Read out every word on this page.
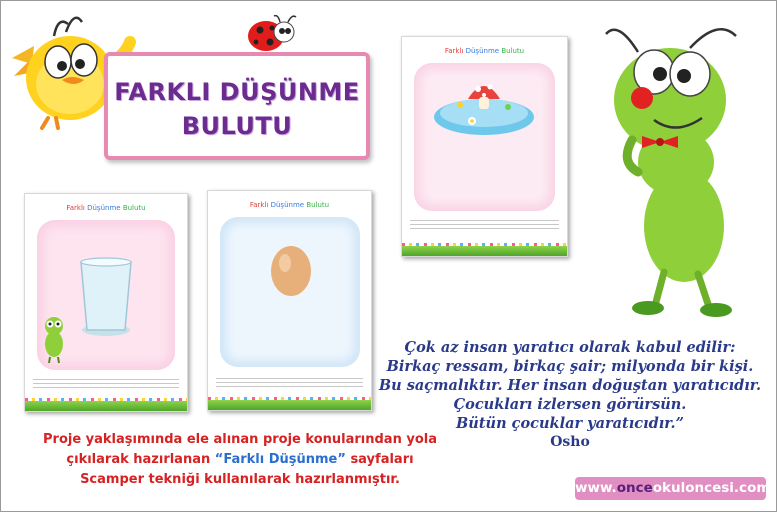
FARKLI DÜŞÜNME
BULUTU
Farklı Düşünme Bulutu	Farklı Düşünme Bulutu
Farklı Düşünme Bulutu
Çok az insan yaratıcı olarak kabul edilir:
Birkaç ressam, birkaç şair; milyonda bir kişi.
Bu saçmalıktır. Her insan doğuştan yaratıcıdır.
Çocukları izlersen görürsün.
Bütün çocuklar yaratıcıdır.”
Osho
Proje yaklaşımında ele alınan proje konularından yola
çıkılarak hazırlanan “Farklı Düşünme” sayfaları
Scamper tekniği kullanılarak hazırlanmıştır.
www.onceokuloncesi.com
